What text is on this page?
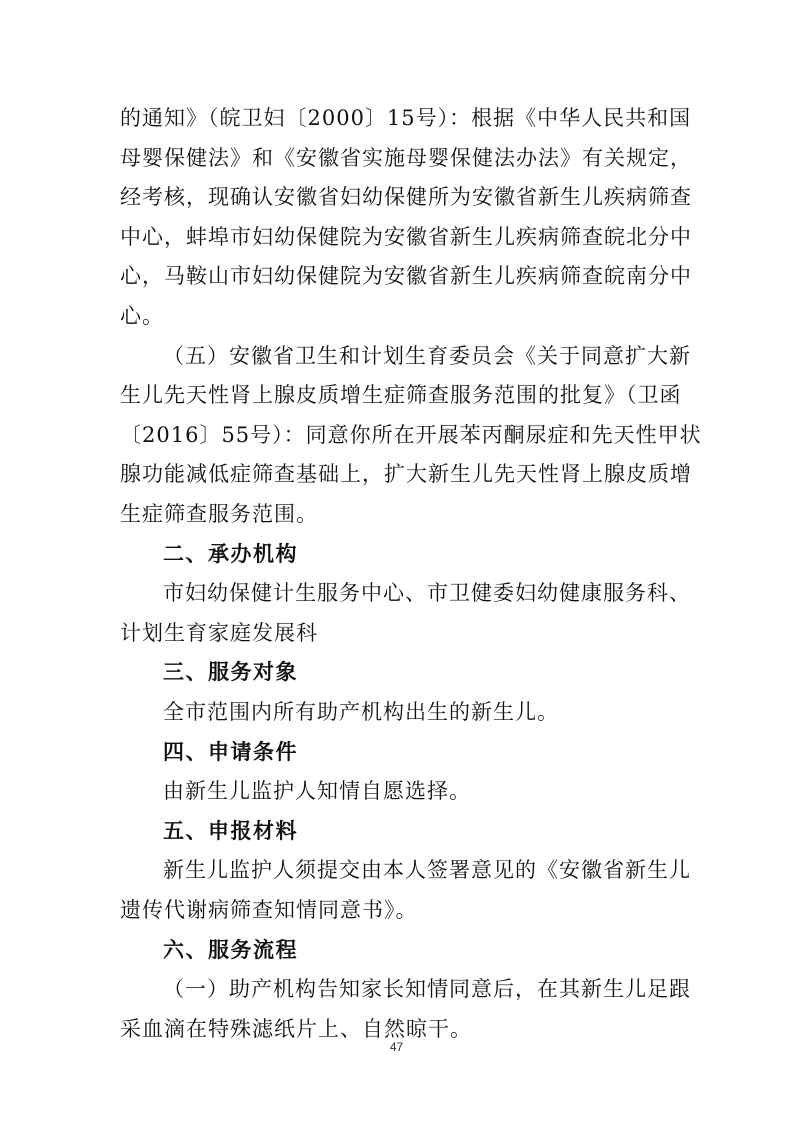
的通知》（皖卫妇〔2000〕15号）：根据《中华人民共和国
母婴保健法》和《安徽省实施母婴保健法办法》有关规定，
经考核，现确认安徽省妇幼保健所为安徽省新生儿疾病筛查
中心，蚌埠市妇幼保健院为安徽省新生儿疾病筛查皖北分中
心，马鞍山市妇幼保健院为安徽省新生儿疾病筛查皖南分中
心。
（五）安徽省卫生和计划生育委员会《关于同意扩大新
生儿先天性肾上腺皮质增生症筛查服务范围的批复》（卫函
〔2016〕55号）：同意你所在开展苯丙酮尿症和先天性甲状
腺功能减低症筛查基础上，扩大新生儿先天性肾上腺皮质增
生症筛查服务范围。
二、承办机构
市妇幼保健计生服务中心、市卫健委妇幼健康服务科、
计划生育家庭发展科
三、服务对象
全市范围内所有助产机构出生的新生儿。
四、申请条件
由新生儿监护人知情自愿选择。
五、申报材料
新生儿监护人须提交由本人签署意见的《安徽省新生儿
遗传代谢病筛查知情同意书》。
六、服务流程
（一）助产机构告知家长知情同意后，在其新生儿足跟
采血滴在特殊滤纸片上、自然晾干。
47
